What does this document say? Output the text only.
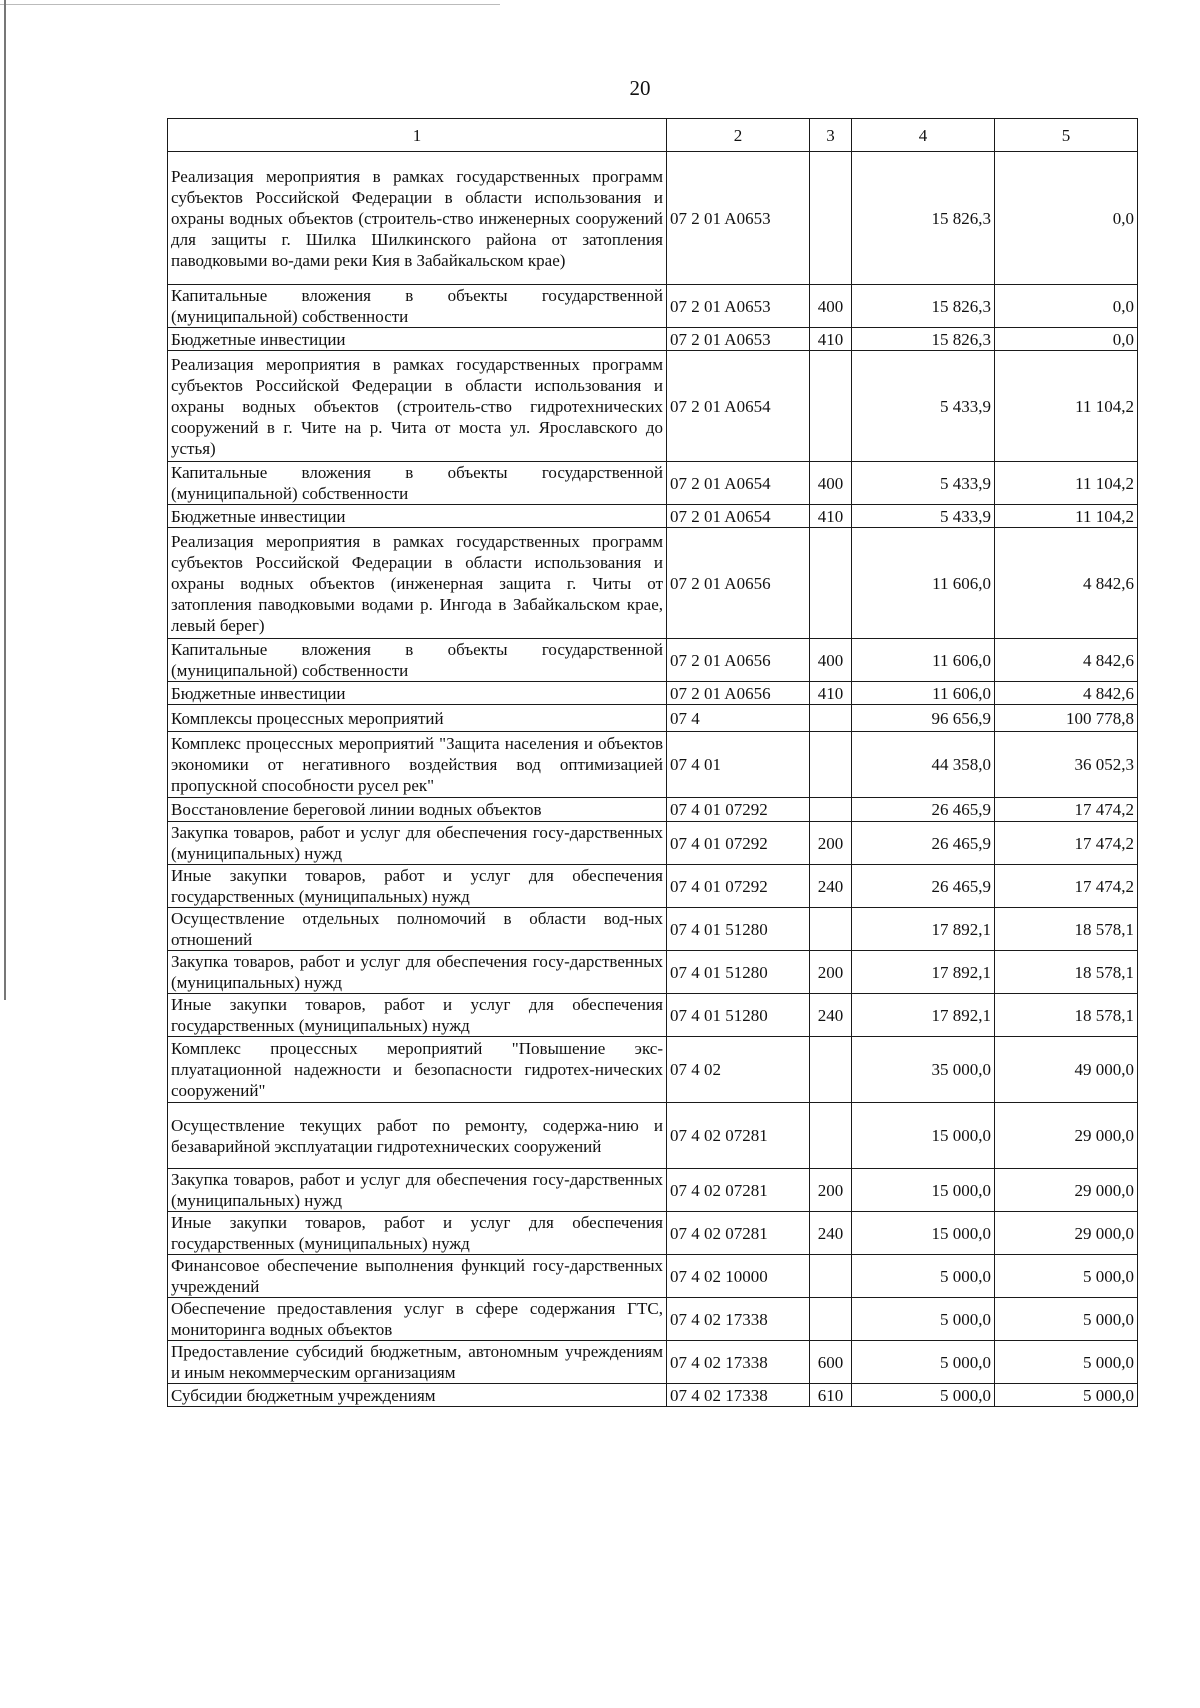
20
1	2	3	4	5
Реализация мероприятия в рамках государственных программ субъектов Российской Федерации в области использования и охраны водных объектов (строитель-ство инженерных сооружений для защиты г. Шилка Шилкинского района от затопления паводковыми во-дами реки Кия в Забайкальском крае)	07 2 01 A0653		15 826,3	0,0
Капитальные вложения в объекты государственной (муниципальной) собственности	07 2 01 A0653	400	15 826,3	0,0
Бюджетные инвестиции	07 2 01 A0653	410	15 826,3	0,0
Реализация мероприятия в рамках государственных программ субъектов Российской Федерации в области использования и охраны водных объектов (строитель-ство гидротехнических сооружений в г. Чите на р. Чита от моста ул. Ярославского до устья)	07 2 01 A0654		5 433,9	11 104,2
Капитальные вложения в объекты государственной (муниципальной) собственности	07 2 01 A0654	400	5 433,9	11 104,2
Бюджетные инвестиции	07 2 01 A0654	410	5 433,9	11 104,2
Реализация мероприятия в рамках государственных программ субъектов Российской Федерации в области использования и охраны водных объектов (инженерная защита г. Читы от затопления паводковыми водами р. Ингода в Забайкальском крае, левый берег)	07 2 01 A0656		11 606,0	4 842,6
Капитальные вложения в объекты государственной (муниципальной) собственности	07 2 01 A0656	400	11 606,0	4 842,6
Бюджетные инвестиции	07 2 01 A0656	410	11 606,0	4 842,6
Комплексы процессных мероприятий	07 4		96 656,9	100 778,8
Комплекс процессных мероприятий "Защита населения и объектов экономики от негативного воздействия вод оптимизацией пропускной способности русел рек"	07 4 01		44 358,0	36 052,3
Восстановление береговой линии водных объектов	07 4 01 07292		26 465,9	17 474,2
Закупка товаров, работ и услуг для обеспечения госу-дарственных (муниципальных) нужд	07 4 01 07292	200	26 465,9	17 474,2
Иные закупки товаров, работ и услуг для обеспечения государственных (муниципальных) нужд	07 4 01 07292	240	26 465,9	17 474,2
Осуществление отдельных полномочий в области вод-ных отношений	07 4 01 51280		17 892,1	18 578,1
Закупка товаров, работ и услуг для обеспечения госу-дарственных (муниципальных) нужд	07 4 01 51280	200	17 892,1	18 578,1
Иные закупки товаров, работ и услуг для обеспечения государственных (муниципальных) нужд	07 4 01 51280	240	17 892,1	18 578,1
Комплекс процессных мероприятий "Повышение экс-плуатационной надежности и безопасности гидротех-нических сооружений"	07 4 02		35 000,0	49 000,0
Осуществление текущих работ по ремонту, содержа-нию и безаварийной эксплуатации гидротехнических сооружений	07 4 02 07281		15 000,0	29 000,0
Закупка товаров, работ и услуг для обеспечения госу-дарственных (муниципальных) нужд	07 4 02 07281	200	15 000,0	29 000,0
Иные закупки товаров, работ и услуг для обеспечения государственных (муниципальных) нужд	07 4 02 07281	240	15 000,0	29 000,0
Финансовое обеспечение выполнения функций госу-дарственных учреждений	07 4 02 10000		5 000,0	5 000,0
Обеспечение предоставления услуг в сфере содержания ГТС, мониторинга водных объектов	07 4 02 17338		5 000,0	5 000,0
Предоставление субсидий бюджетным, автономным учреждениям и иным некоммерческим организациям	07 4 02 17338	600	5 000,0	5 000,0
Субсидии бюджетным учреждениям	07 4 02 17338	610	5 000,0	5 000,0
